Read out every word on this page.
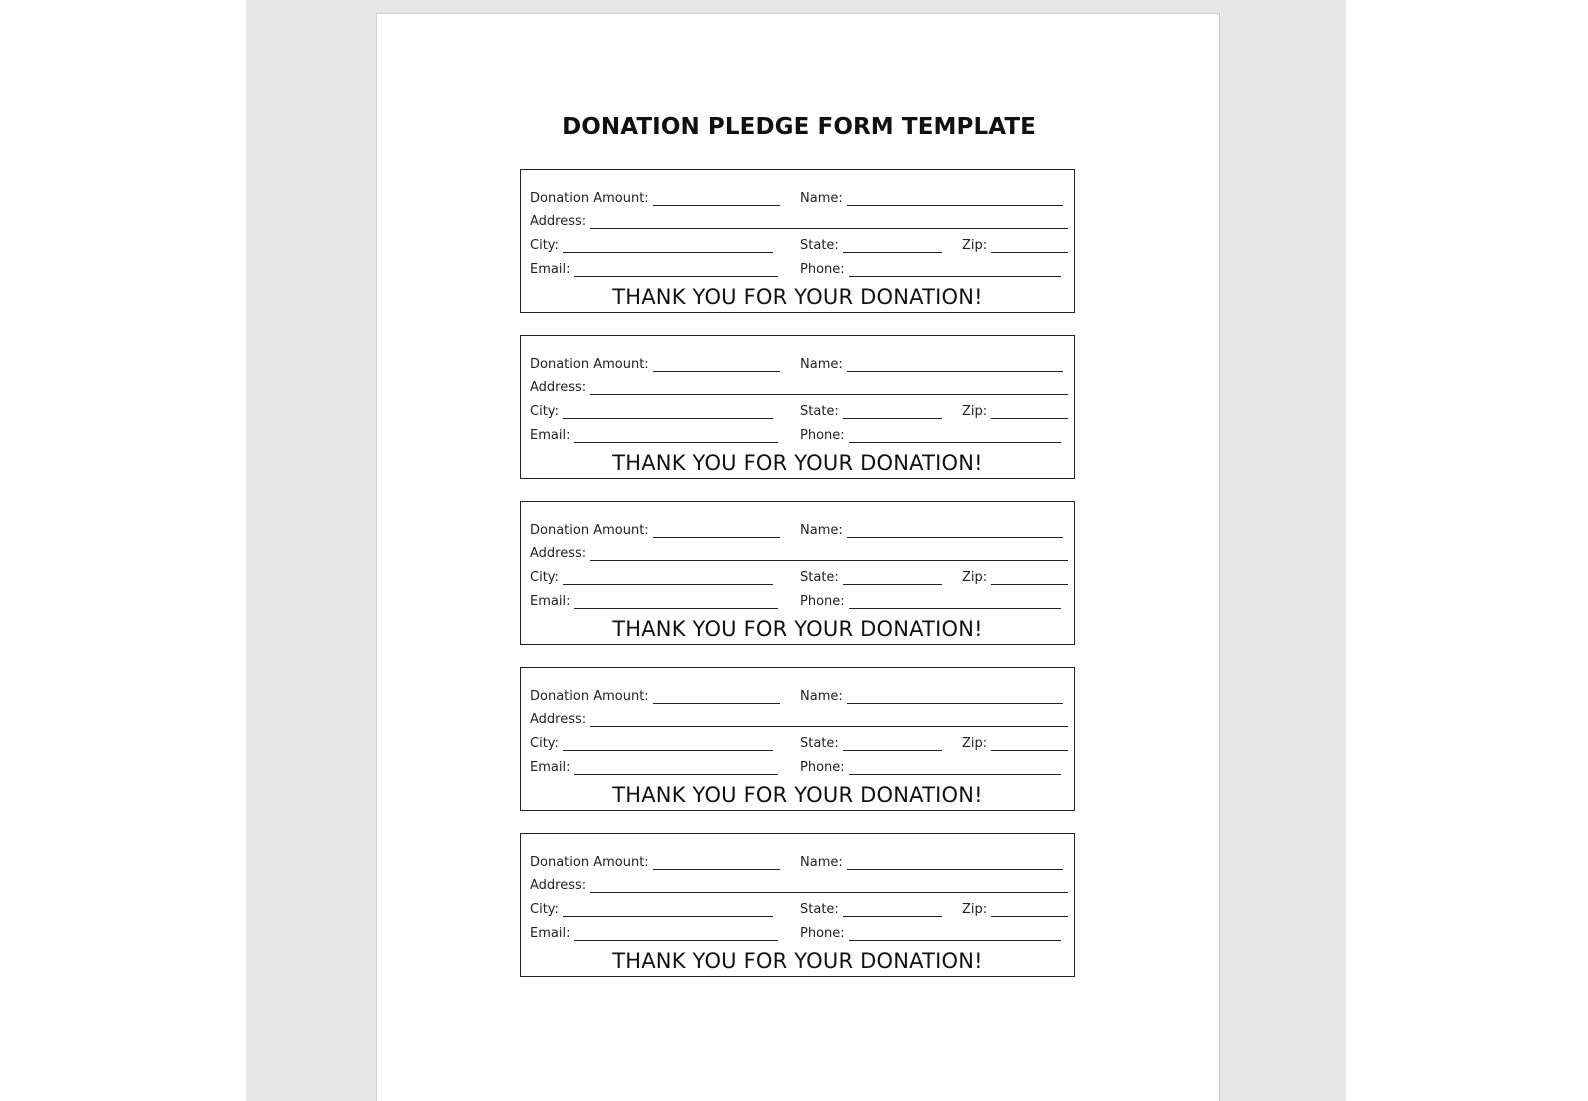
DONATION PLEDGE FORM TEMPLATE
Donation Amount:	Name:
Address:
City:	State:	Zip:
Email:	Phone:
THANK YOU FOR YOUR DONATION!
Donation Amount:	Name:
Address:
City:	State:	Zip:
Email:	Phone:
THANK YOU FOR YOUR DONATION!
Donation Amount:	Name:
Address:
City:	State:	Zip:
Email:	Phone:
THANK YOU FOR YOUR DONATION!
Donation Amount:	Name:
Address:
City:	State:	Zip:
Email:	Phone:
THANK YOU FOR YOUR DONATION!
Donation Amount:	Name:
Address:
City:	State:	Zip:
Email:	Phone:
THANK YOU FOR YOUR DONATION!
